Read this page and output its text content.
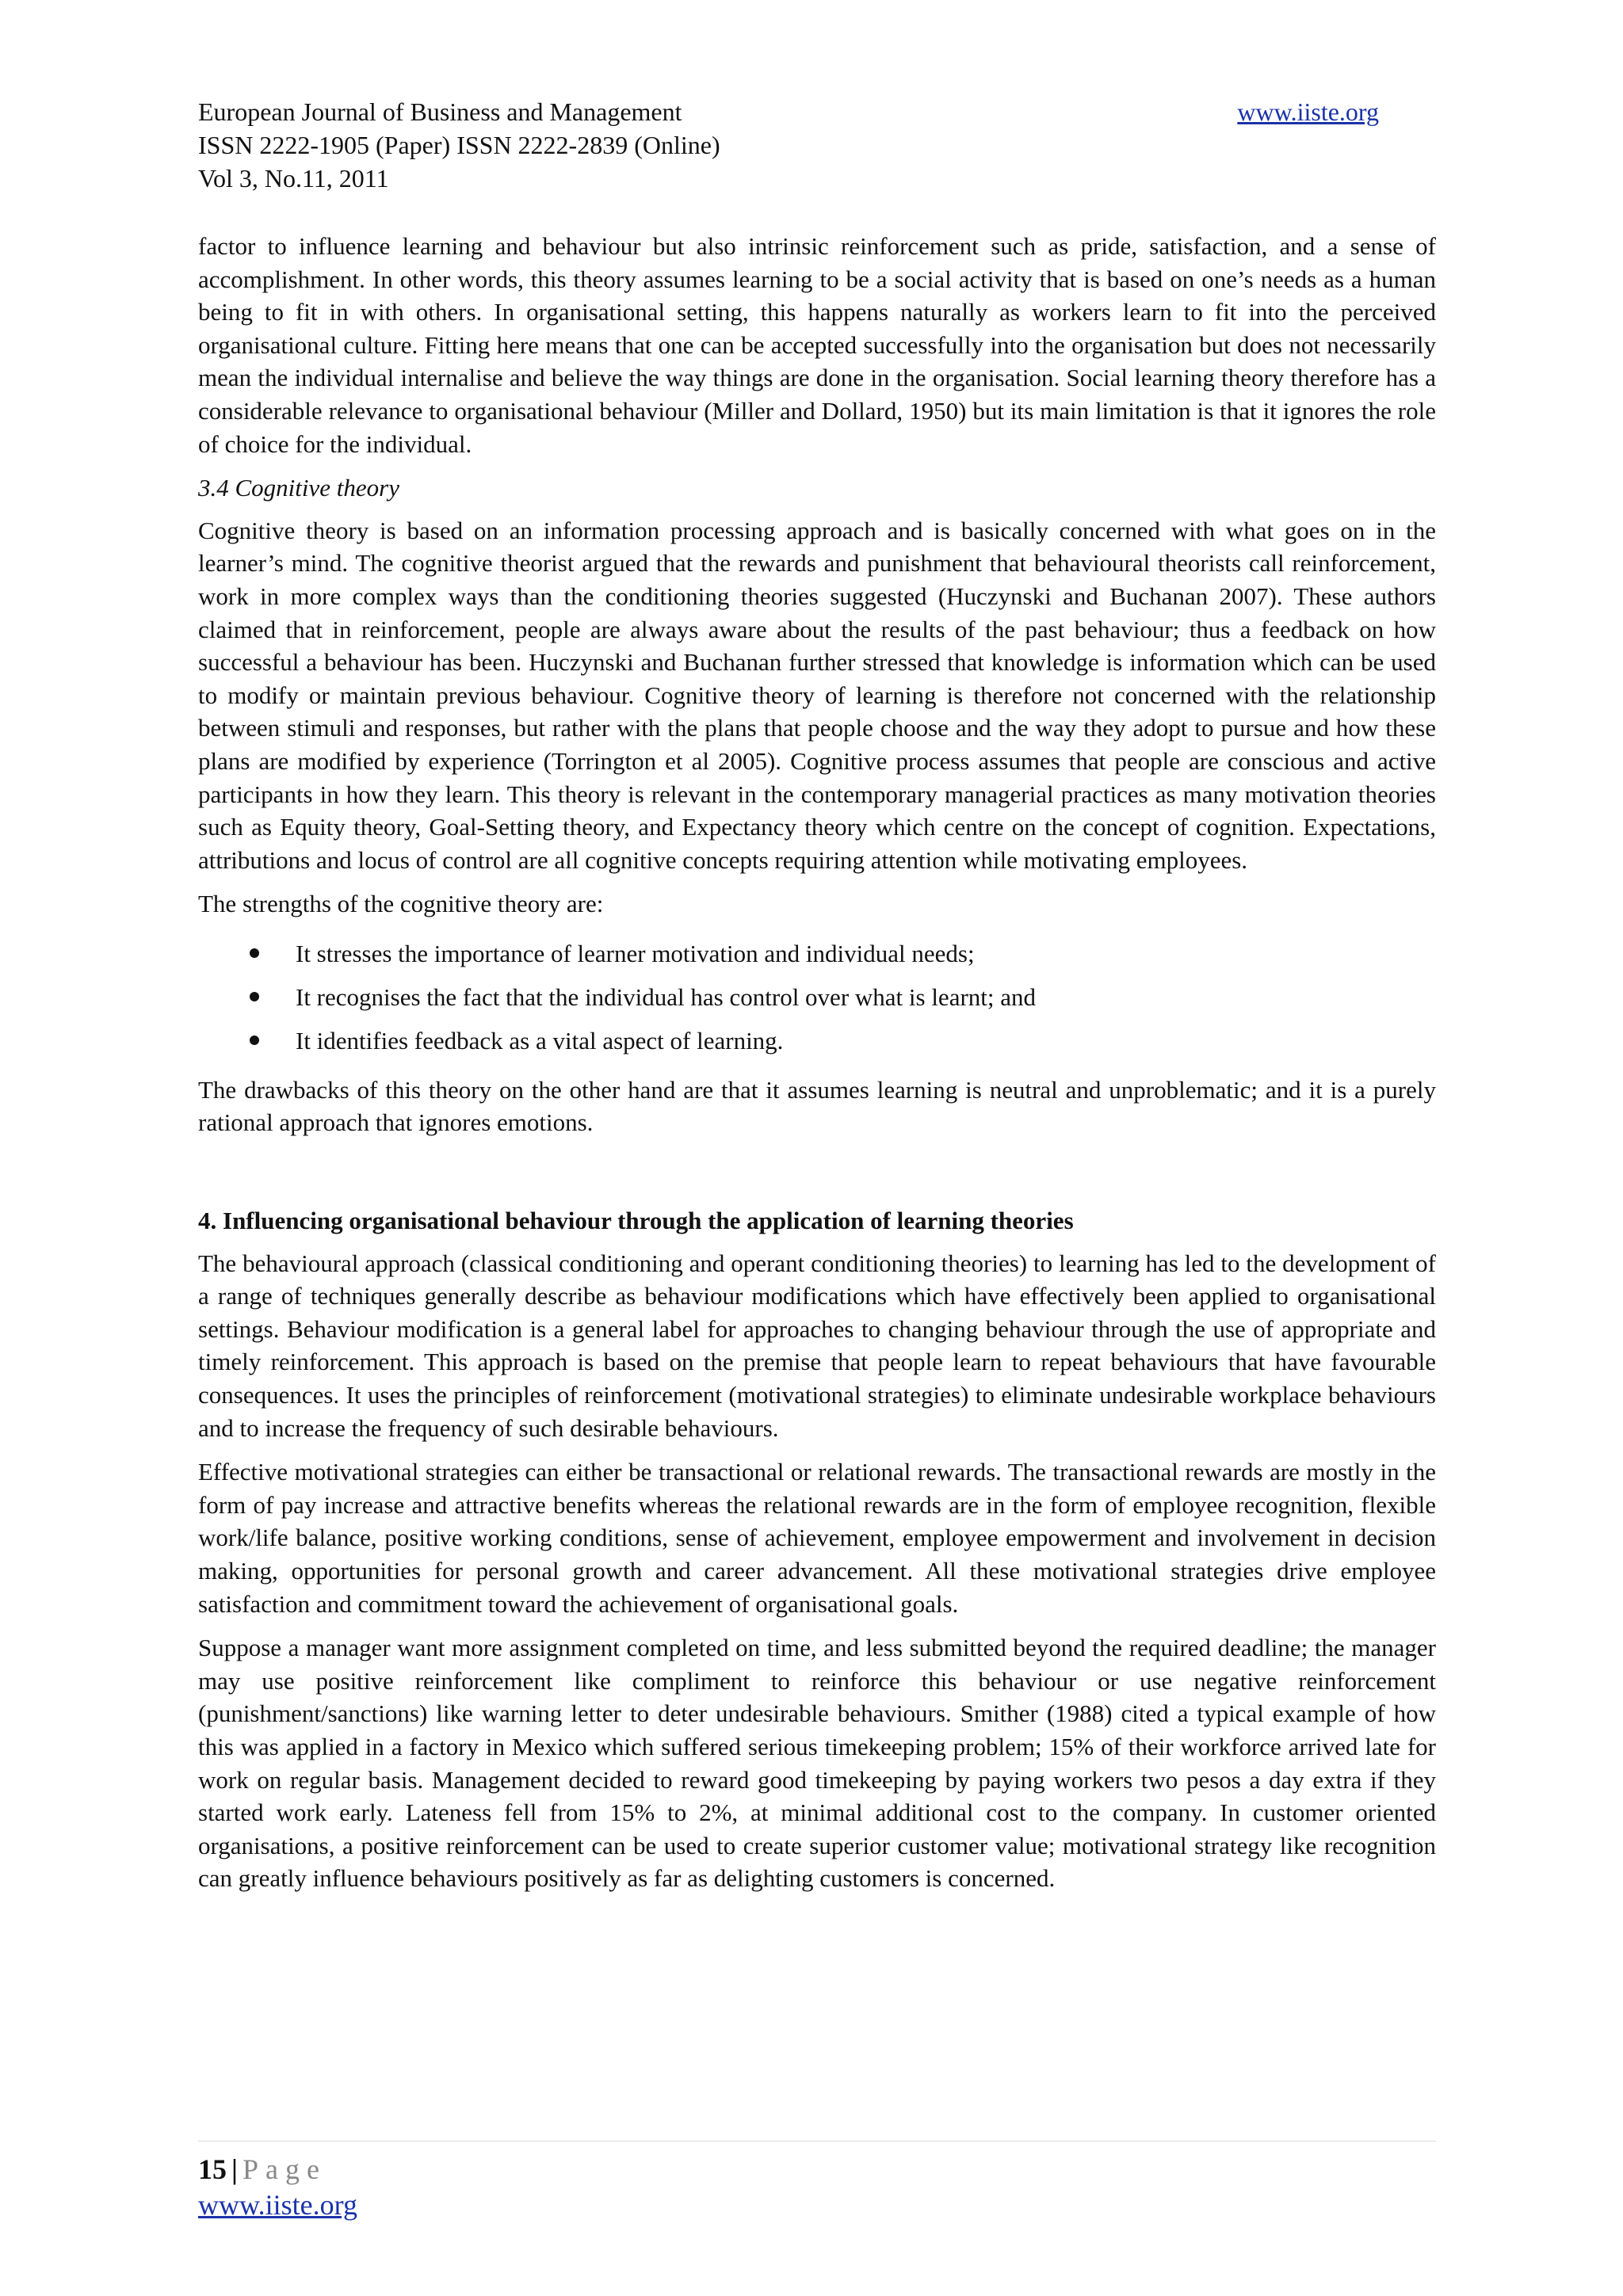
European Journal of Business and Management
ISSN 2222-1905 (Paper) ISSN 2222-2839 (Online)
Vol 3, No.11, 2011
www.iiste.org

factor to influence learning and behaviour but also intrinsic reinforcement such as pride, satisfaction, and a sense of accomplishment. In other words, this theory assumes learning to be a social activity that is based on one’s needs as a human being to fit in with others. In organisational setting, this happens naturally as workers learn to fit into the perceived organisational culture. Fitting here means that one can be accepted successfully into the organisation but does not necessarily mean the individual internalise and believe the way things are done in the organisation. Social learning theory therefore has a considerable relevance to organisational behaviour (Miller and Dollard, 1950) but its main limitation is that it ignores the role of choice for the individual.

3.4 Cognitive theory

Cognitive theory is based on an information processing approach and is basically concerned with what goes on in the learner’s mind. The cognitive theorist argued that the rewards and punishment that behavioural theorists call reinforcement, work in more complex ways than the conditioning theories suggested (Huczynski and Buchanan 2007). These authors claimed that in reinforcement, people are always aware about the results of the past behaviour; thus a feedback on how successful a behaviour has been. Huczynski and Buchanan further stressed that knowledge is information which can be used to modify or maintain previous behaviour. Cognitive theory of learning is therefore not concerned with the relationship between stimuli and responses, but rather with the plans that people choose and the way they adopt to pursue and how these plans are modified by experience (Torrington et al 2005). Cognitive process assumes that people are conscious and active participants in how they learn. This theory is relevant in the contemporary managerial practices as many motivation theories such as Equity theory, Goal-Setting theory, and Expectancy theory which centre on the concept of cognition. Expectations, attributions and locus of control are all cognitive concepts requiring attention while motivating employees.

The strengths of the cognitive theory are:

It stresses the importance of learner motivation and individual needs;
It recognises the fact that the individual has control over what is learnt; and
It identifies feedback as a vital aspect of learning.

The drawbacks of this theory on the other hand are that it assumes learning is neutral and unproblematic; and it is a purely rational approach that ignores emotions.

4. Influencing organisational behaviour through the application of learning theories

The behavioural approach (classical conditioning and operant conditioning theories) to learning has led to the development of a range of techniques generally describe as behaviour modifications which have effectively been applied to organisational settings. Behaviour modification is a general label for approaches to changing behaviour through the use of appropriate and timely reinforcement. This approach is based on the premise that people learn to repeat behaviours that have favourable consequences. It uses the principles of reinforcement (motivational strategies) to eliminate undesirable workplace behaviours and to increase the frequency of such desirable behaviours.

Effective motivational strategies can either be transactional or relational rewards. The transactional rewards are mostly in the form of pay increase and attractive benefits whereas the relational rewards are in the form of employee recognition, flexible work/life balance, positive working conditions, sense of achievement, employee empowerment and involvement in decision making, opportunities for personal growth and career advancement. All these motivational strategies drive employee satisfaction and commitment toward the achievement of organisational goals.

Suppose a manager want more assignment completed on time, and less submitted beyond the required deadline; the manager may use positive reinforcement like compliment to reinforce this behaviour or use negative reinforcement (punishment/sanctions) like warning letter to deter undesirable behaviours. Smither (1988) cited a typical example of how this was applied in a factory in Mexico which suffered serious timekeeping problem; 15% of their workforce arrived late for work on regular basis. Management decided to reward good timekeeping by paying workers two pesos a day extra if they started work early. Lateness fell from 15% to 2%, at minimal additional cost to the company. In customer oriented organisations, a positive reinforcement can be used to create superior customer value; motivational strategy like recognition can greatly influence behaviours positively as far as delighting customers is concerned.

15 | Page
www.iiste.org
